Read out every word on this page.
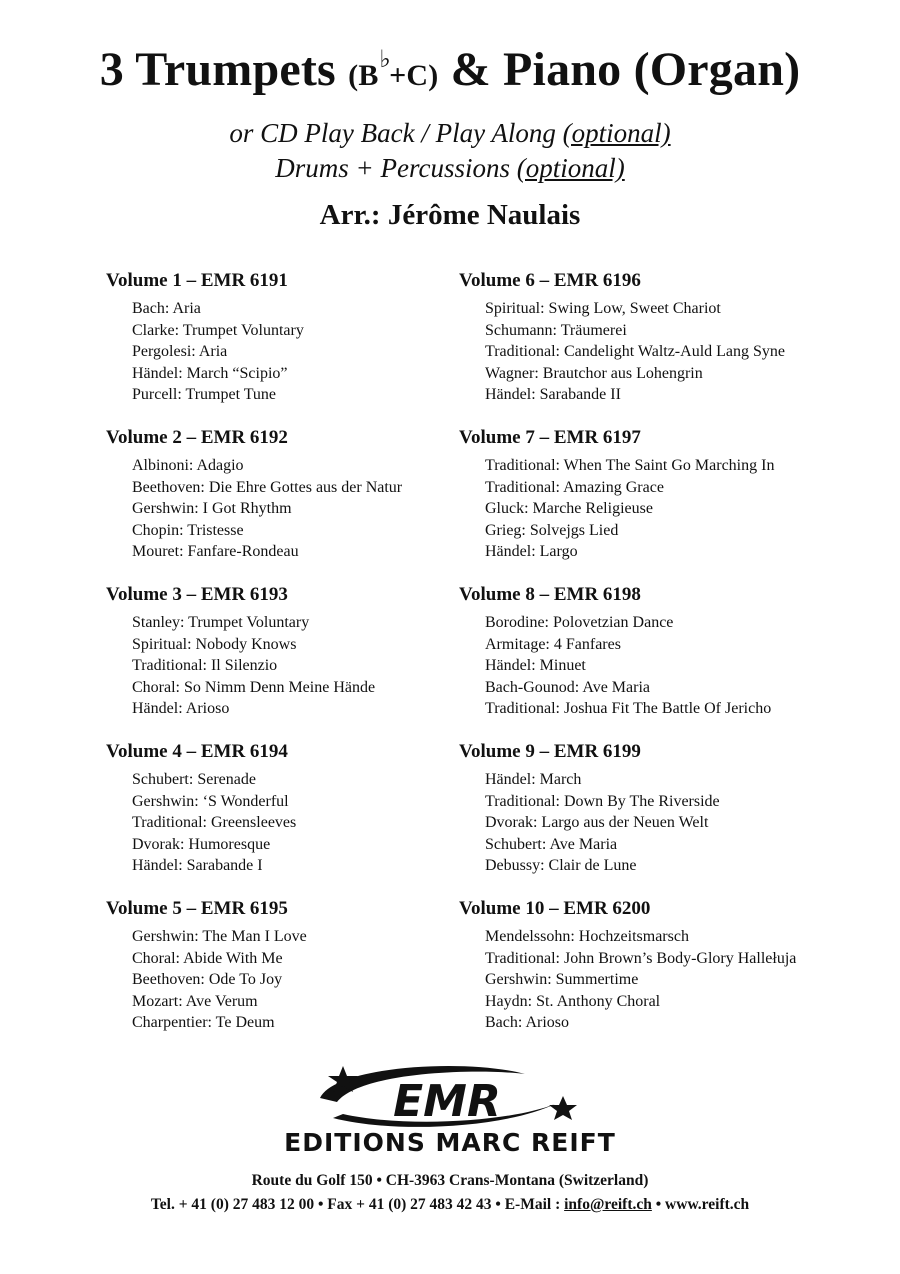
3 Trumpets (B♭+C) & Piano (Organ)
or CD Play Back / Play Along (optional)
Drums + Percussions (optional)
Arr.: Jérôme Naulais
Volume 1 – EMR 6191
Bach: Aria
Clarke: Trumpet Voluntary
Pergolesi: Aria
Händel: March “Scipio”
Purcell: Trumpet Tune
Volume 2 – EMR 6192
Albinoni: Adagio
Beethoven: Die Ehre Gottes aus der Natur
Gershwin: I Got Rhythm
Chopin: Tristesse
Mouret: Fanfare-Rondeau
Volume 3 – EMR 6193
Stanley: Trumpet Voluntary
Spiritual: Nobody Knows
Traditional: Il Silenzio
Choral: So Nimm Denn Meine Hände
Händel: Arioso
Volume 4 – EMR 6194
Schubert: Serenade
Gershwin: ‘S Wonderful
Traditional: Greensleeves
Dvorak: Humoresque
Händel: Sarabande I
Volume 5 – EMR 6195
Gershwin: The Man I Love
Choral: Abide With Me
Beethoven: Ode To Joy
Mozart: Ave Verum
Charpentier: Te Deum
Volume 6 – EMR 6196
Spiritual: Swing Low, Sweet Chariot
Schumann: Träumerei
Traditional: Candelight Waltz-Auld Lang Syne
Wagner: Brautchor aus Lohengrin
Händel: Sarabande II
Volume 7 – EMR 6197
Traditional: When The Saint Go Marching In
Traditional: Amazing Grace
Gluck: Marche Religieuse
Grieg: Solvejgs Lied
Händel: Largo
Volume 8 – EMR 6198
Borodine: Polovetzian Dance
Armitage: 4 Fanfares
Händel: Minuet
Bach-Gounod: Ave Maria
Traditional: Joshua Fit The Battle Of Jericho
Volume 9 – EMR 6199
Händel: March
Traditional: Down By The Riverside
Dvorak: Largo aus der Neuen Welt
Schubert: Ave Maria
Debussy: Clair de Lune
Volume 10 – EMR 6200
Mendelssohn: Hochzeitsmarsch
Traditional: John Brown’s Body-Glory Hallełuja
Gershwin: Summertime
Haydn: St. Anthony Choral
Bach: Arioso
EMR
EDITIONS MARC REIFT
Route du Golf 150 • CH-3963 Crans-Montana (Switzerland)
Tel. + 41 (0) 27 483 12 00 • Fax + 41 (0) 27 483 42 43 • E-Mail : info@reift.ch • www.reift.ch
